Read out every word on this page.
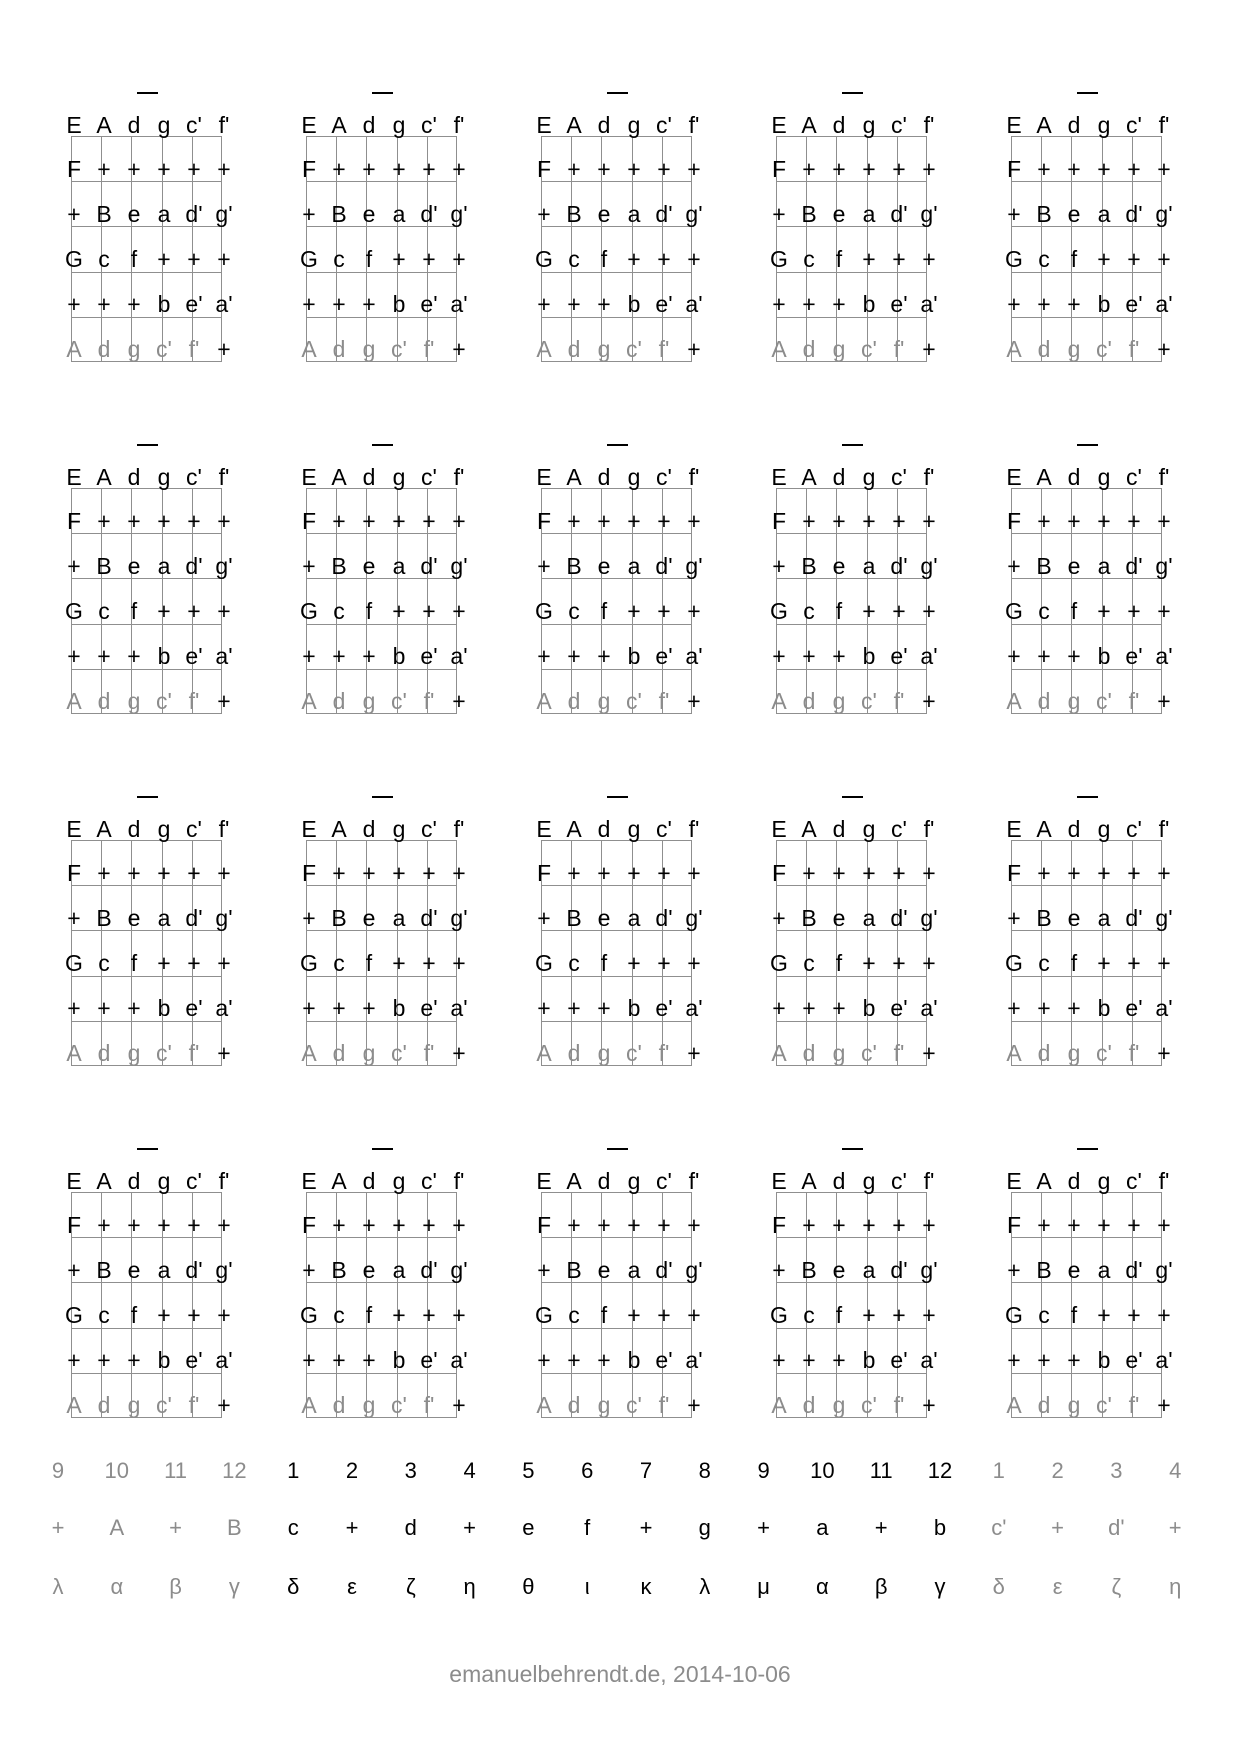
E A d g c' f'
F + + + + +
+ B e a d' g'
G c f + + +
+ + + b e' a'
A d g c' f' +
E A d g c' f'
F + + + + +
+ B e a d' g'
G c f + + +
+ + + b e' a'
A d g c' f' +
E A d g c' f'
F + + + + +
+ B e a d' g'
G c f + + +
+ + + b e' a'
A d g c' f' +
E A d g c' f'
F + + + + +
+ B e a d' g'
G c f + + +
+ + + b e' a'
A d g c' f' +
E A d g c' f'
F + + + + +
+ B e a d' g'
G c f + + +
+ + + b e' a'
A d g c' f' +
E A d g c' f'
F + + + + +
+ B e a d' g'
G c f + + +
+ + + b e' a'
A d g c' f' +
E A d g c' f'
F + + + + +
+ B e a d' g'
G c f + + +
+ + + b e' a'
A d g c' f' +
E A d g c' f'
F + + + + +
+ B e a d' g'
G c f + + +
+ + + b e' a'
A d g c' f' +
E A d g c' f'
F + + + + +
+ B e a d' g'
G c f + + +
+ + + b e' a'
A d g c' f' +
E A d g c' f'
F + + + + +
+ B e a d' g'
G c f + + +
+ + + b e' a'
A d g c' f' +
E A d g c' f'
F + + + + +
+ B e a d' g'
G c f + + +
+ + + b e' a'
A d g c' f' +
E A d g c' f'
F + + + + +
+ B e a d' g'
G c f + + +
+ + + b e' a'
A d g c' f' +
E A d g c' f'
F + + + + +
+ B e a d' g'
G c f + + +
+ + + b e' a'
A d g c' f' +
E A d g c' f'
F + + + + +
+ B e a d' g'
G c f + + +
+ + + b e' a'
A d g c' f' +
E A d g c' f'
F + + + + +
+ B e a d' g'
G c f + + +
+ + + b e' a'
A d g c' f' +
E A d g c' f'
F + + + + +
+ B e a d' g'
G c f + + +
+ + + b e' a'
A d g c' f' +
E A d g c' f'
F + + + + +
+ B e a d' g'
G c f + + +
+ + + b e' a'
A d g c' f' +
E A d g c' f'
F + + + + +
+ B e a d' g'
G c f + + +
+ + + b e' a'
A d g c' f' +
E A d g c' f'
F + + + + +
+ B e a d' g'
G c f + + +
+ + + b e' a'
A d g c' f' +
E A d g c' f'
F + + + + +
+ B e a d' g'
G c f + + +
+ + + b e' a'
A d g c' f' +
9	10	11	12	1	2	3	4	5	6	7	8	9	10	11	12	1	2	3	4
+	A	+	B	c	+	d	+	e	f	+	g	+	a	+	b	c'	+	d'	+
λ	α	β	γ	δ	ε	ζ	η	θ	ι	κ	λ	μ	α	β	γ	δ	ε	ζ	η
emanuelbehrendt.de, 2014-10-06
